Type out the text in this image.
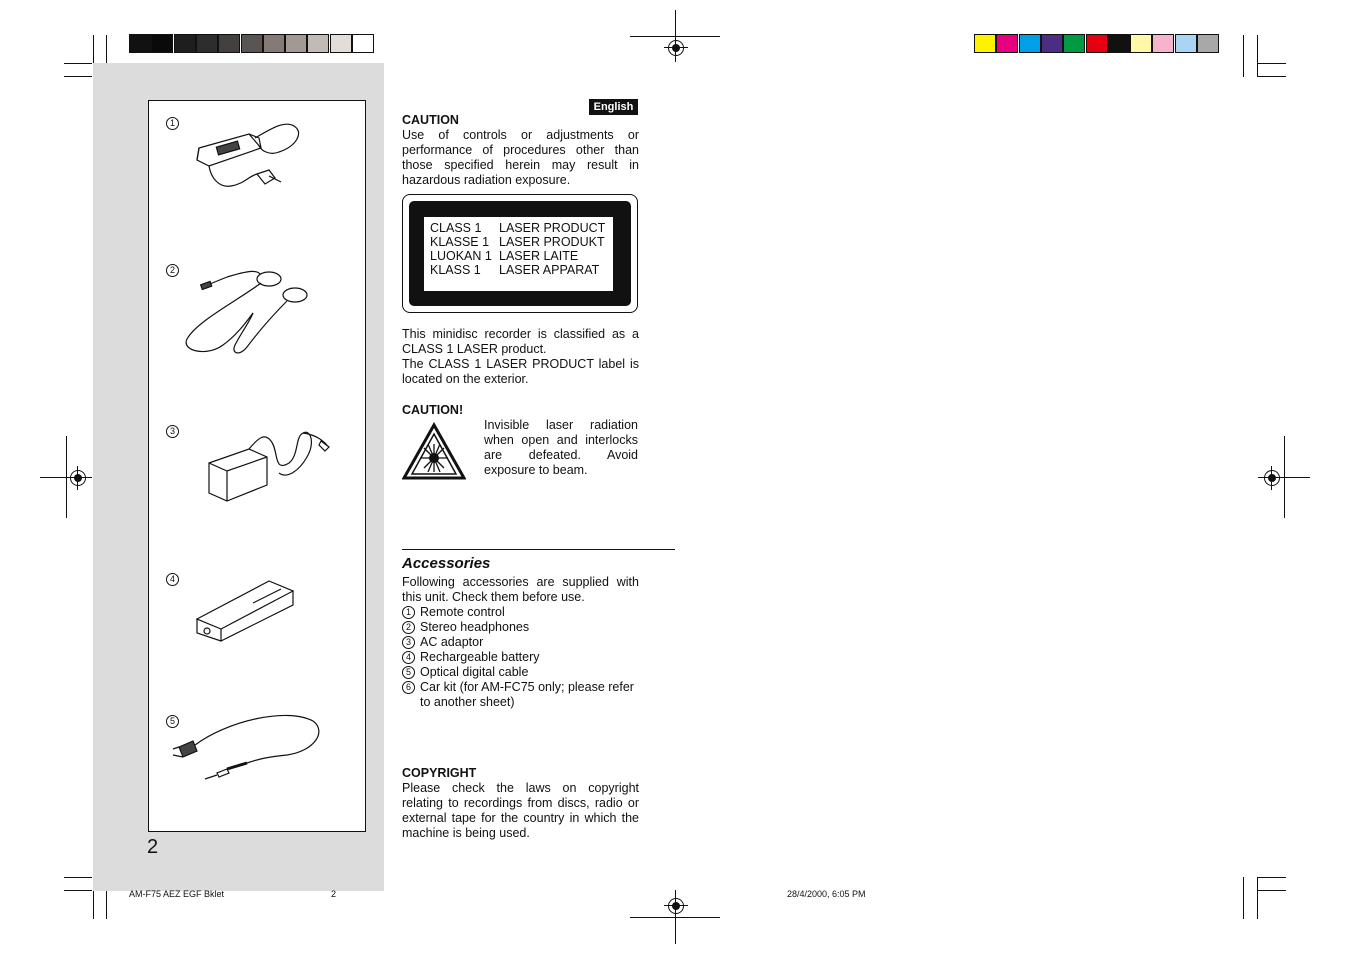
1
2
3
4
5
2
English
CAUTION
Use of controls or adjustments or performance of procedures other than those specified herein may result in hazardous radiation exposure.
CLASS 1 LASER PRODUCT
KLASSE 1 LASER PRODUKT
LUOKAN 1 LASER LAITE
KLASS 1 LASER APPARAT
This minidisc recorder is classified as a CLASS 1 LASER product.
The CLASS 1 LASER PRODUCT label is located on the exterior.
CAUTION!
Invisible laser radiation when open and interlocks are defeated. Avoid exposure to beam.
Accessories
Following accessories are supplied with this unit. Check them before use.
1 Remote control
2 Stereo headphones
3 AC adaptor
4 Rechargeable battery
5 Optical digital cable
6 Car kit (for AM-FC75 only; please refer to another sheet)
COPYRIGHT
Please check the laws on copyright relating to recordings from discs, radio or external tape for the country in which the machine is being used.
AM-F75 AEZ EGF Bklet	2	28/4/2000, 6:05 PM
